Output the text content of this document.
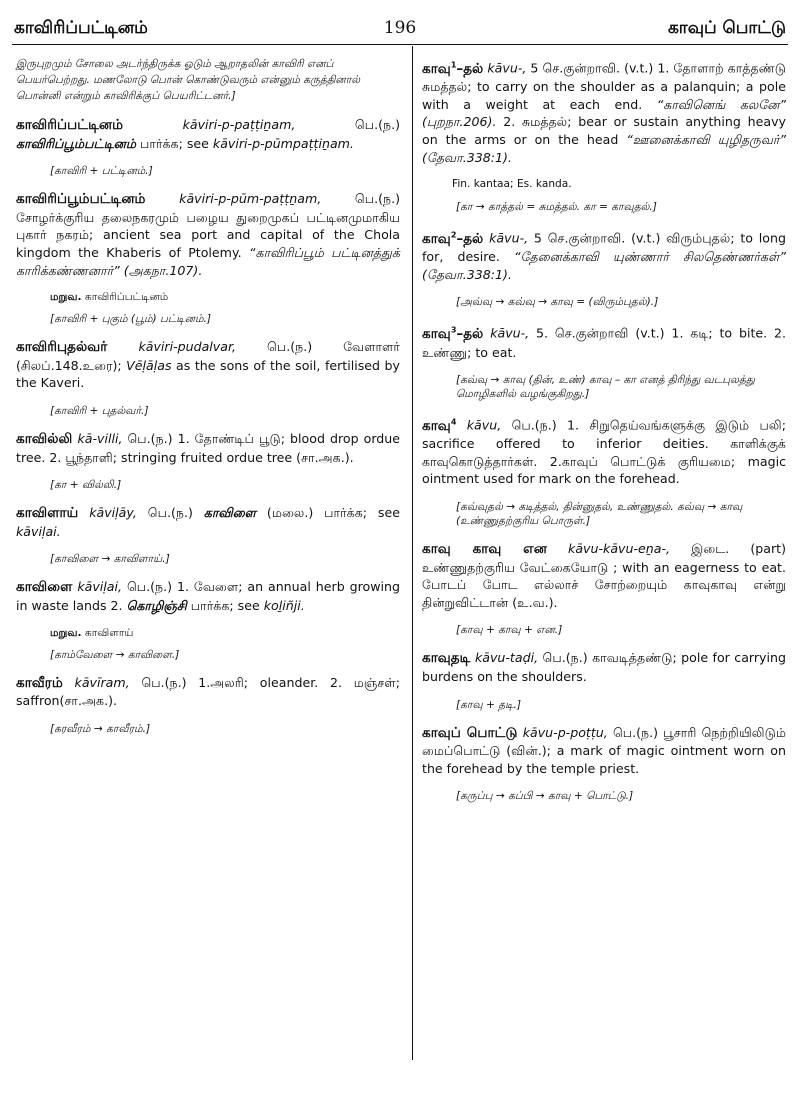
காவிரிப்பட்டினம்	196	காவுப் பொட்டு
இருபுறமும் சோலை அடர்ந்திருக்க ஓடும் ஆறாதலின் காவிரி எனப் பெயர்பெற்றது. மணலோடு பொன் கொண்டுவரும் என்னும் கருத்தினால் பொன்னி என்றும் காவிரிக்குப் பெயரிட்டனர்.]
காவிரிப்பட்டினம்	kāviri-p-paṭṭiṉam, பெ.(ந.) காவிரிப்பூம்பட்டினம் பார்க்க; see kāviri-p-pūmpaṭṭiṉam.
[காவிரி + பட்டினம்.]
காவிரிப்பூம்பட்டினம்	kāviri-p-pūm-paṭṭṉam, பெ.(ந.) சோழர்க்குரிய தலைநகரமும் பழைய துறைமுகப் பட்டினமுமாகிய புகார் நகரம்; ancient sea port and capital of the Chola kingdom the Khaberis of Ptolemy. “காவிரிப்பூம் பட்டினத்துக் காரிக்கண்ணனார்” (அகநா.107).
மறுவ. காவிரிப்பட்டினம்
[காவிரி + புகும் (பூம்) பட்டினம்.]
காவிரிபுதல்வர் kāviri-pudalvar, பெ.(ந.) வேளாளர் (சிலப்.148.உரை); Vēḷāḷas as the sons of the soil, fertilised by the Kaveri.
[காவிரி + புதல்வர்.]
காவில்லி kā-villi, பெ.(ந.) 1. தோண்டிப் பூடு; blood drop ordue tree. 2. பூந்தாளி; stringing fruited ordue tree (சா.அக.).
[கா + வில்லி.]
காவிளாய் kāviḷāy, பெ.(ந.) காவிளை (மலை.) பார்க்க; see kāviḷai.
[காவிளை → காவிளாய்.]
காவிளை kāviḷai, பெ.(ந.) 1. வேளை; an annual herb growing in waste lands 2. கொழிஞ்சி பார்க்க; see koḻiñji.
மறுவ. காவிளாய்
[காம்வேளை → காவிளை.]
காவீரம் kāvīram, பெ.(ந.) 1.அலரி; oleander. 2. மஞ்சள்; saffron(சா.அக.).
[கரவீரம் → காவீரம்.]
காவு$^1$–தல் kāvu-, 5 செ.குன்றாவி. (v.t.) 1. தோளாற் காத்தண்டு சுமத்தல்; to carry on the shoulder as a palanquin; a pole with a weight at each end. “காவினெங் கலனே” (புறநா.206). 2. சுமத்தல்; bear or sustain anything heavy on the arms or on the head “ஊனைக்காவி யுழிதருவர்” (தேவா.338:1).
Fin. kantaa; Es. kanda.
[கா → காத்தல் = சுமத்தல். கா = காவுதல்.]
காவு$^2$–தல் kāvu-, 5 செ.குன்றாவி. (v.t.) விரும்புதல்; to long for, desire. “தேனைக்காவி யுண்ணார் சிலதெண்ணர்கள்” (தேவா.338:1).
[அவ்வு → கவ்வு → காவு = (விரும்புதல்).]
காவு$^3$–தல் kāvu-, 5. செ.குன்றாவி (v.t.) 1. கடி; to bite. 2. உண்ணு; to eat.
[கவ்வு → காவு (தின், உண்) காவு – கா எனத் திரிந்து வடபுலத்து மொழிகளில் வழங்குகிறது.]
காவு$^4$ kāvu, பெ.(ந.) 1. சிறுதெய்வங்களுக்கு இடும் பலி; sacrifice offered to inferior deities. காளிக்குக் காவுகொடுத்தார்கள். 2.காவுப் பொட்டுக் குரியமை; magic ointment used for mark on the forehead.
[கவ்வுதல் → கடித்தல், தின்னுதல், உண்ணுதல். கவ்வு → காவு (உண்ணுதற்குரிய பொருள்.]
காவு காவு என kāvu-kāvu-eṉa-, இடை. (part) உண்ணுதற்குரிய வேட்கையோடு ; with an eagerness to eat. போடப் போட எல்லாச் சோற்றையும் காவுகாவு என்று தின்றுவிட்டான் (உ.வ.).
[காவு + காவு + என.]
காவுதடி kāvu-taḍi, பெ.(ந.) காவடித்தண்டு; pole for carrying burdens on the shoulders.
[காவு + தடி.]
காவுப் பொட்டு kāvu-p-poṭṭu, பெ.(ந.) பூசாரி நெற்றியிலிடும் மைப்பொட்டு (வின்.); a mark of magic ointment worn on the forehead by the temple priest.
[கருப்பு → கப்பி → காவு + பொட்டு.]
